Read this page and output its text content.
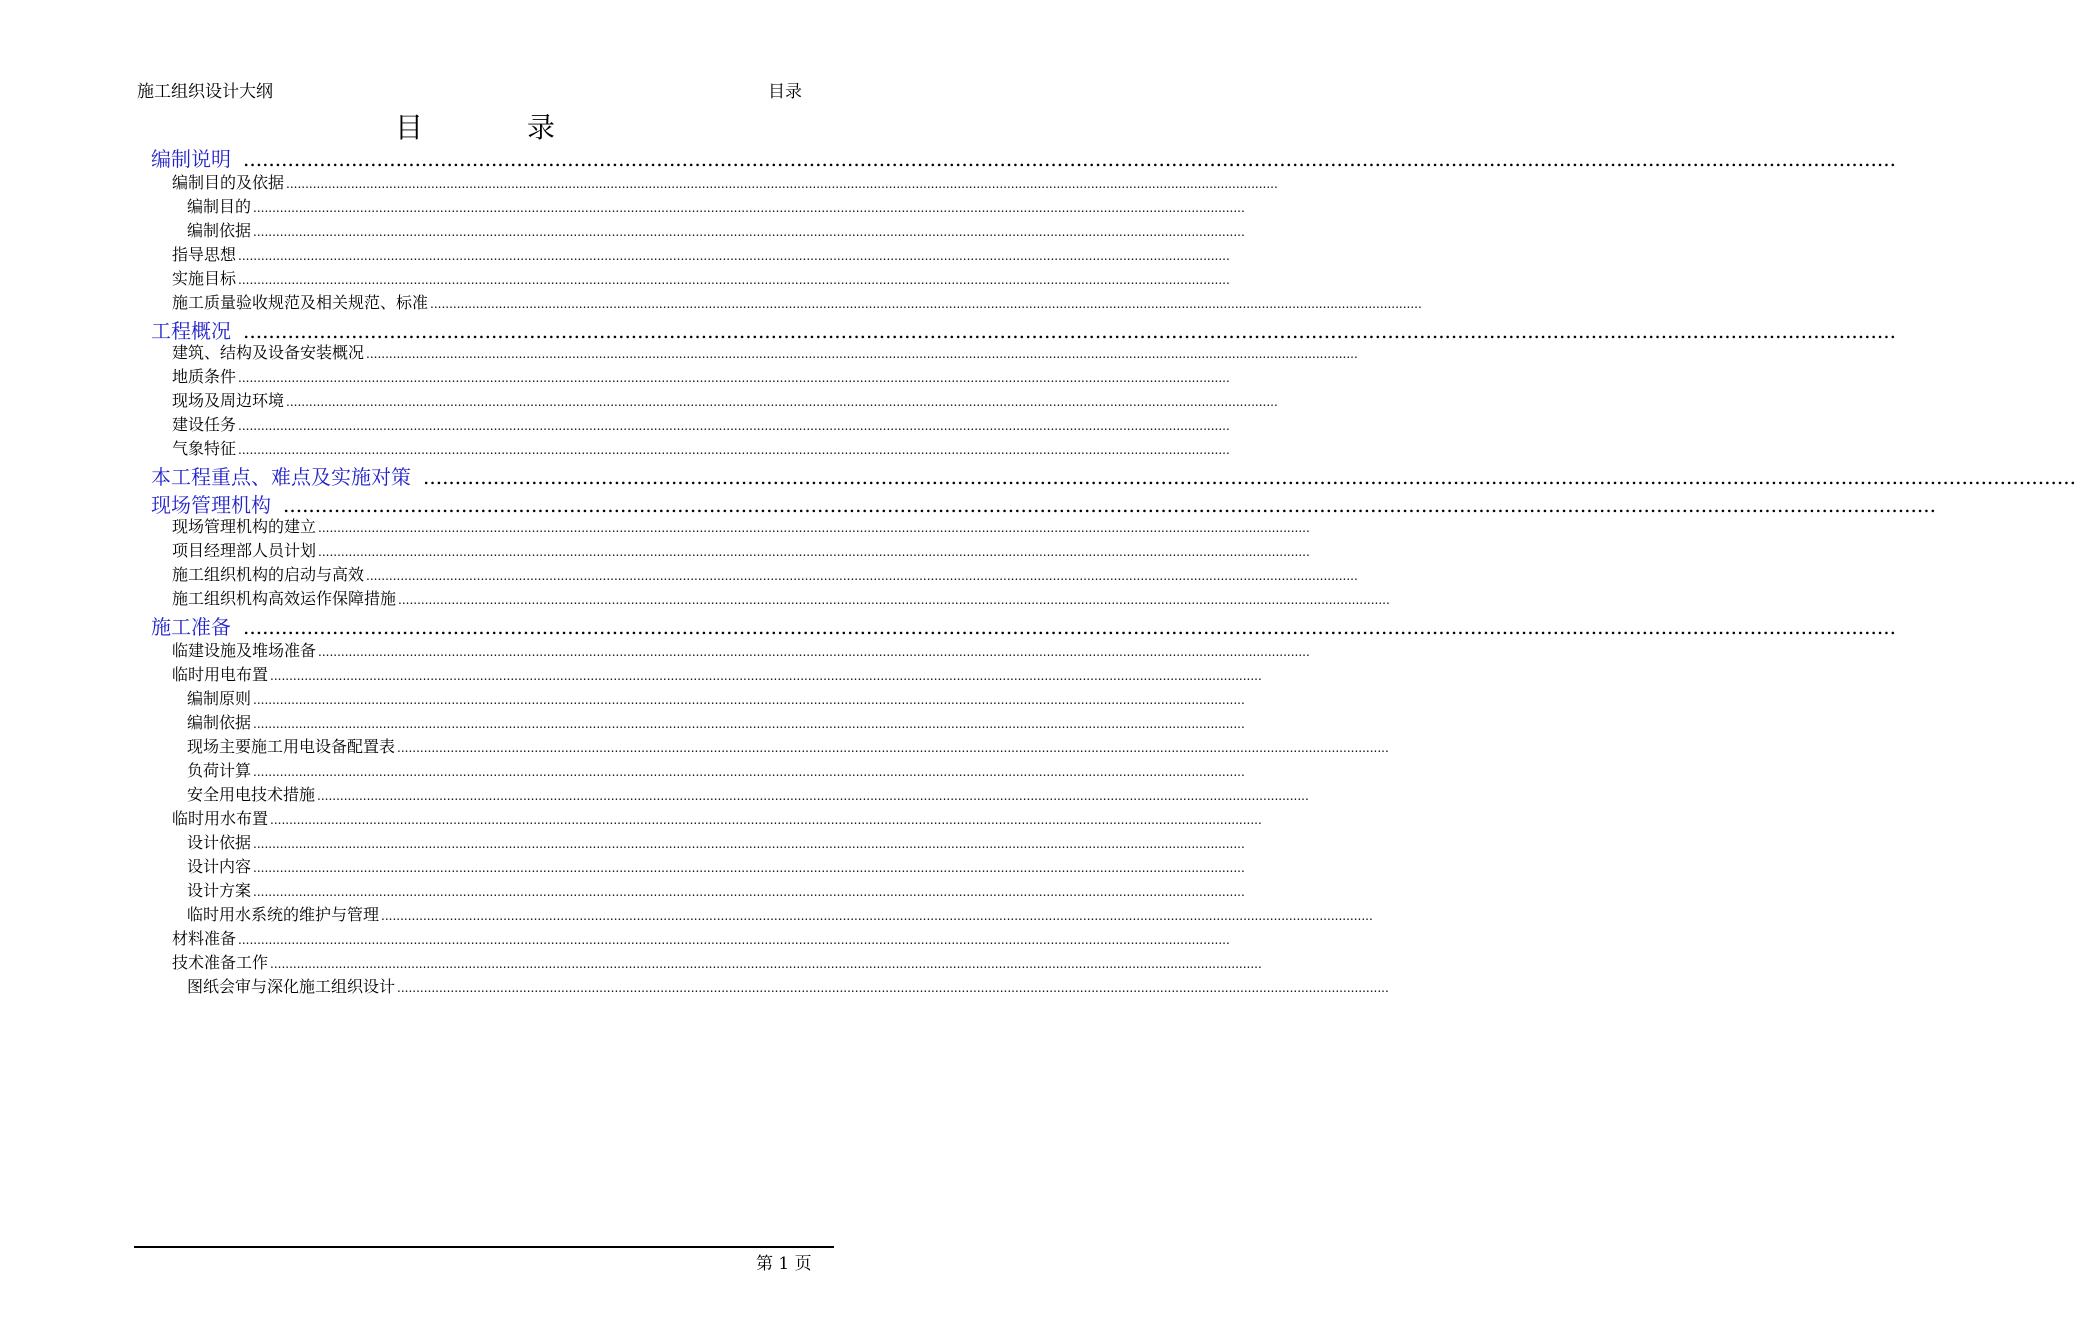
施工组织设计大纲	目录
目　录
编制说明 ....................................................................................................................................................................................................................................................................
编制目的及依据 ....................................................................................................................................................................................................................................................................
编制目的 ....................................................................................................................................................................................................................................................................
编制依据 ....................................................................................................................................................................................................................................................................
指导思想 ....................................................................................................................................................................................................................................................................
实施目标 ....................................................................................................................................................................................................................................................................
施工质量验收规范及相关规范、标准 ....................................................................................................................................................................................................................................................................
工程概况 ....................................................................................................................................................................................................................................................................
建筑、结构及设备安装概况 ....................................................................................................................................................................................................................................................................
地质条件 ....................................................................................................................................................................................................................................................................
现场及周边环境 ....................................................................................................................................................................................................................................................................
建设任务 ....................................................................................................................................................................................................................................................................
气象特征 ....................................................................................................................................................................................................................................................................
本工程重点、难点及实施对策 ....................................................................................................................................................................................................................................................................
现场管理机构 ....................................................................................................................................................................................................................................................................
现场管理机构的建立 ....................................................................................................................................................................................................................................................................
项目经理部人员计划 ....................................................................................................................................................................................................................................................................
施工组织机构的启动与高效 ....................................................................................................................................................................................................................................................................
施工组织机构高效运作保障措施 ....................................................................................................................................................................................................................................................................
施工准备 ....................................................................................................................................................................................................................................................................
临建设施及堆场准备 ....................................................................................................................................................................................................................................................................
临时用电布置 ....................................................................................................................................................................................................................................................................
编制原则 ....................................................................................................................................................................................................................................................................
编制依据 ....................................................................................................................................................................................................................................................................
现场主要施工用电设备配置表 ....................................................................................................................................................................................................................................................................
负荷计算 ....................................................................................................................................................................................................................................................................
安全用电技术措施 ....................................................................................................................................................................................................................................................................
临时用水布置 ....................................................................................................................................................................................................................................................................
设计依据 ....................................................................................................................................................................................................................................................................
设计内容 ....................................................................................................................................................................................................................................................................
设计方案 ....................................................................................................................................................................................................................................................................
临时用水系统的维护与管理 ....................................................................................................................................................................................................................................................................
材料准备 ....................................................................................................................................................................................................................................................................
技术准备工作 ....................................................................................................................................................................................................................................................................
图纸会审与深化施工组织设计 ....................................................................................................................................................................................................................................................................
第 1 页
